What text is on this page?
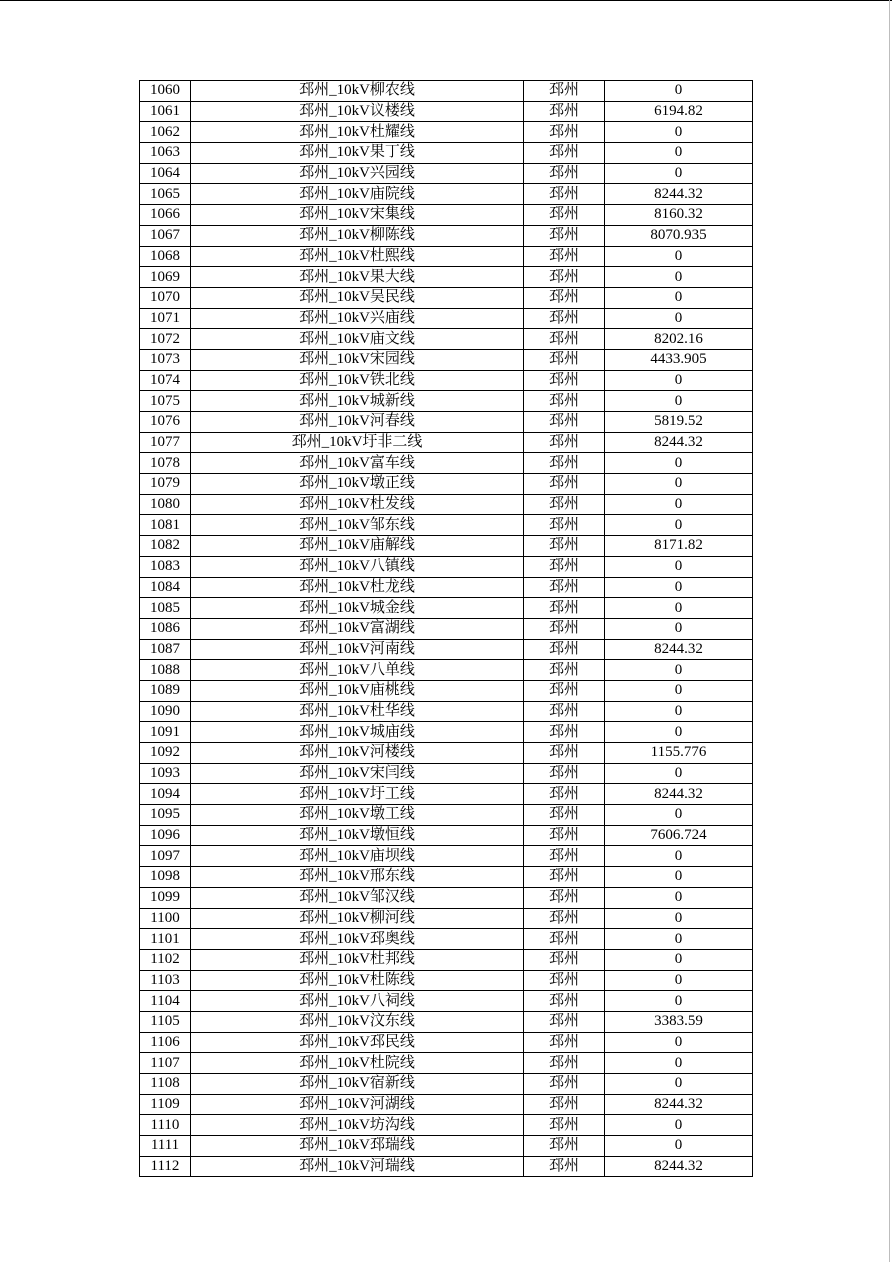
1060	邳州_10kV柳农线	邳州	0
1061	邳州_10kV议楼线	邳州	6194.82
1062	邳州_10kV杜耀线	邳州	0
1063	邳州_10kV果丁线	邳州	0
1064	邳州_10kV兴园线	邳州	0
1065	邳州_10kV庙院线	邳州	8244.32
1066	邳州_10kV宋集线	邳州	8160.32
1067	邳州_10kV柳陈线	邳州	8070.935
1068	邳州_10kV杜熙线	邳州	0
1069	邳州_10kV果大线	邳州	0
1070	邳州_10kV吴民线	邳州	0
1071	邳州_10kV兴庙线	邳州	0
1072	邳州_10kV庙文线	邳州	8202.16
1073	邳州_10kV宋园线	邳州	4433.905
1074	邳州_10kV铁北线	邳州	0
1075	邳州_10kV城新线	邳州	0
1076	邳州_10kV河春线	邳州	5819.52
1077	邳州_10kV圩非二线	邳州	8244.32
1078	邳州_10kV富车线	邳州	0
1079	邳州_10kV墩正线	邳州	0
1080	邳州_10kV杜发线	邳州	0
1081	邳州_10kV邹东线	邳州	0
1082	邳州_10kV庙解线	邳州	8171.82
1083	邳州_10kV八镇线	邳州	0
1084	邳州_10kV杜龙线	邳州	0
1085	邳州_10kV城金线	邳州	0
1086	邳州_10kV富湖线	邳州	0
1087	邳州_10kV河南线	邳州	8244.32
1088	邳州_10kV八单线	邳州	0
1089	邳州_10kV庙桃线	邳州	0
1090	邳州_10kV杜华线	邳州	0
1091	邳州_10kV城庙线	邳州	0
1092	邳州_10kV河楼线	邳州	1155.776
1093	邳州_10kV宋闫线	邳州	0
1094	邳州_10kV圩工线	邳州	8244.32
1095	邳州_10kV墩工线	邳州	0
1096	邳州_10kV墩恒线	邳州	7606.724
1097	邳州_10kV庙坝线	邳州	0
1098	邳州_10kV邢东线	邳州	0
1099	邳州_10kV邹汉线	邳州	0
1100	邳州_10kV柳河线	邳州	0
1101	邳州_10kV邳奥线	邳州	0
1102	邳州_10kV杜邦线	邳州	0
1103	邳州_10kV杜陈线	邳州	0
1104	邳州_10kV八祠线	邳州	0
1105	邳州_10kV汶东线	邳州	3383.59
1106	邳州_10kV邳民线	邳州	0
1107	邳州_10kV杜院线	邳州	0
1108	邳州_10kV宿新线	邳州	0
1109	邳州_10kV河湖线	邳州	8244.32
1110	邳州_10kV坊沟线	邳州	0
1111	邳州_10kV邳瑞线	邳州	0
1112	邳州_10kV河瑞线	邳州	8244.32
